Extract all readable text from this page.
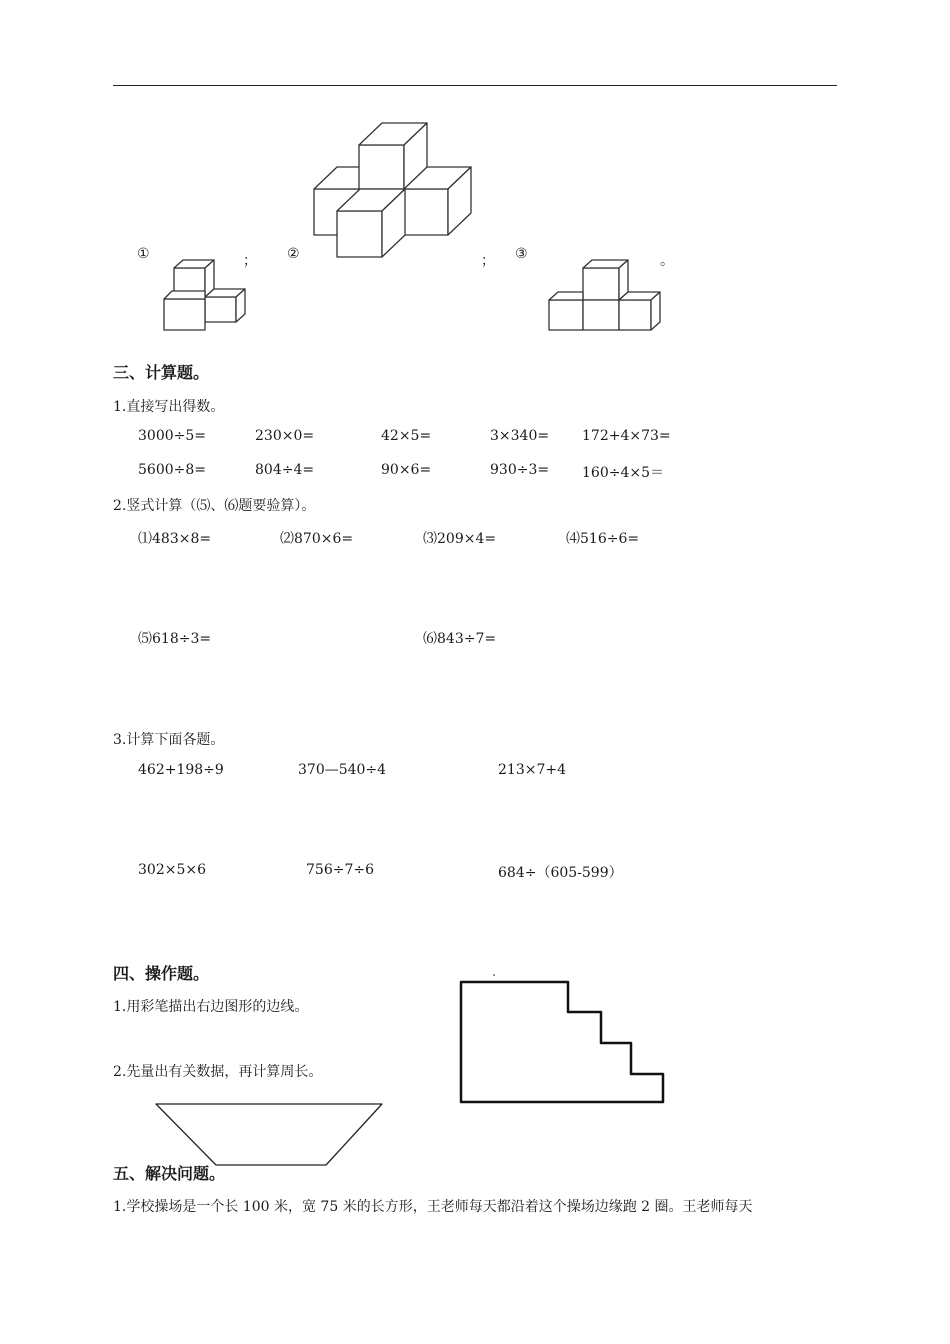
①	； ②	； ③	。
三、计算题。
1.直接写出得数。
3000÷5=	230×0=	42×5=	3×340= 172+4×73=
5600÷8=	804÷4=	90×6=	930÷3= 160÷4×5＝
2.竖式计算（⑸、⑹题要验算）。
⑴483×8=	⑵870×6=	⑶209×4=	⑷516÷6=
⑸618÷3=	⑹843÷7=
3.计算下面各题。
462+198÷9	370—540÷4	213×7+4
302×5×6	756÷7÷6	684÷（605-599）
四、操作题。
1.用彩笔描出右边图形的边线。
2.先量出有关数据，再计算周长。
五、解决问题。
1.学校操场是一个长 100 米，宽 75 米的长方形，王老师每天都沿着这个操场边缘跑 2 圈。王老师每天
